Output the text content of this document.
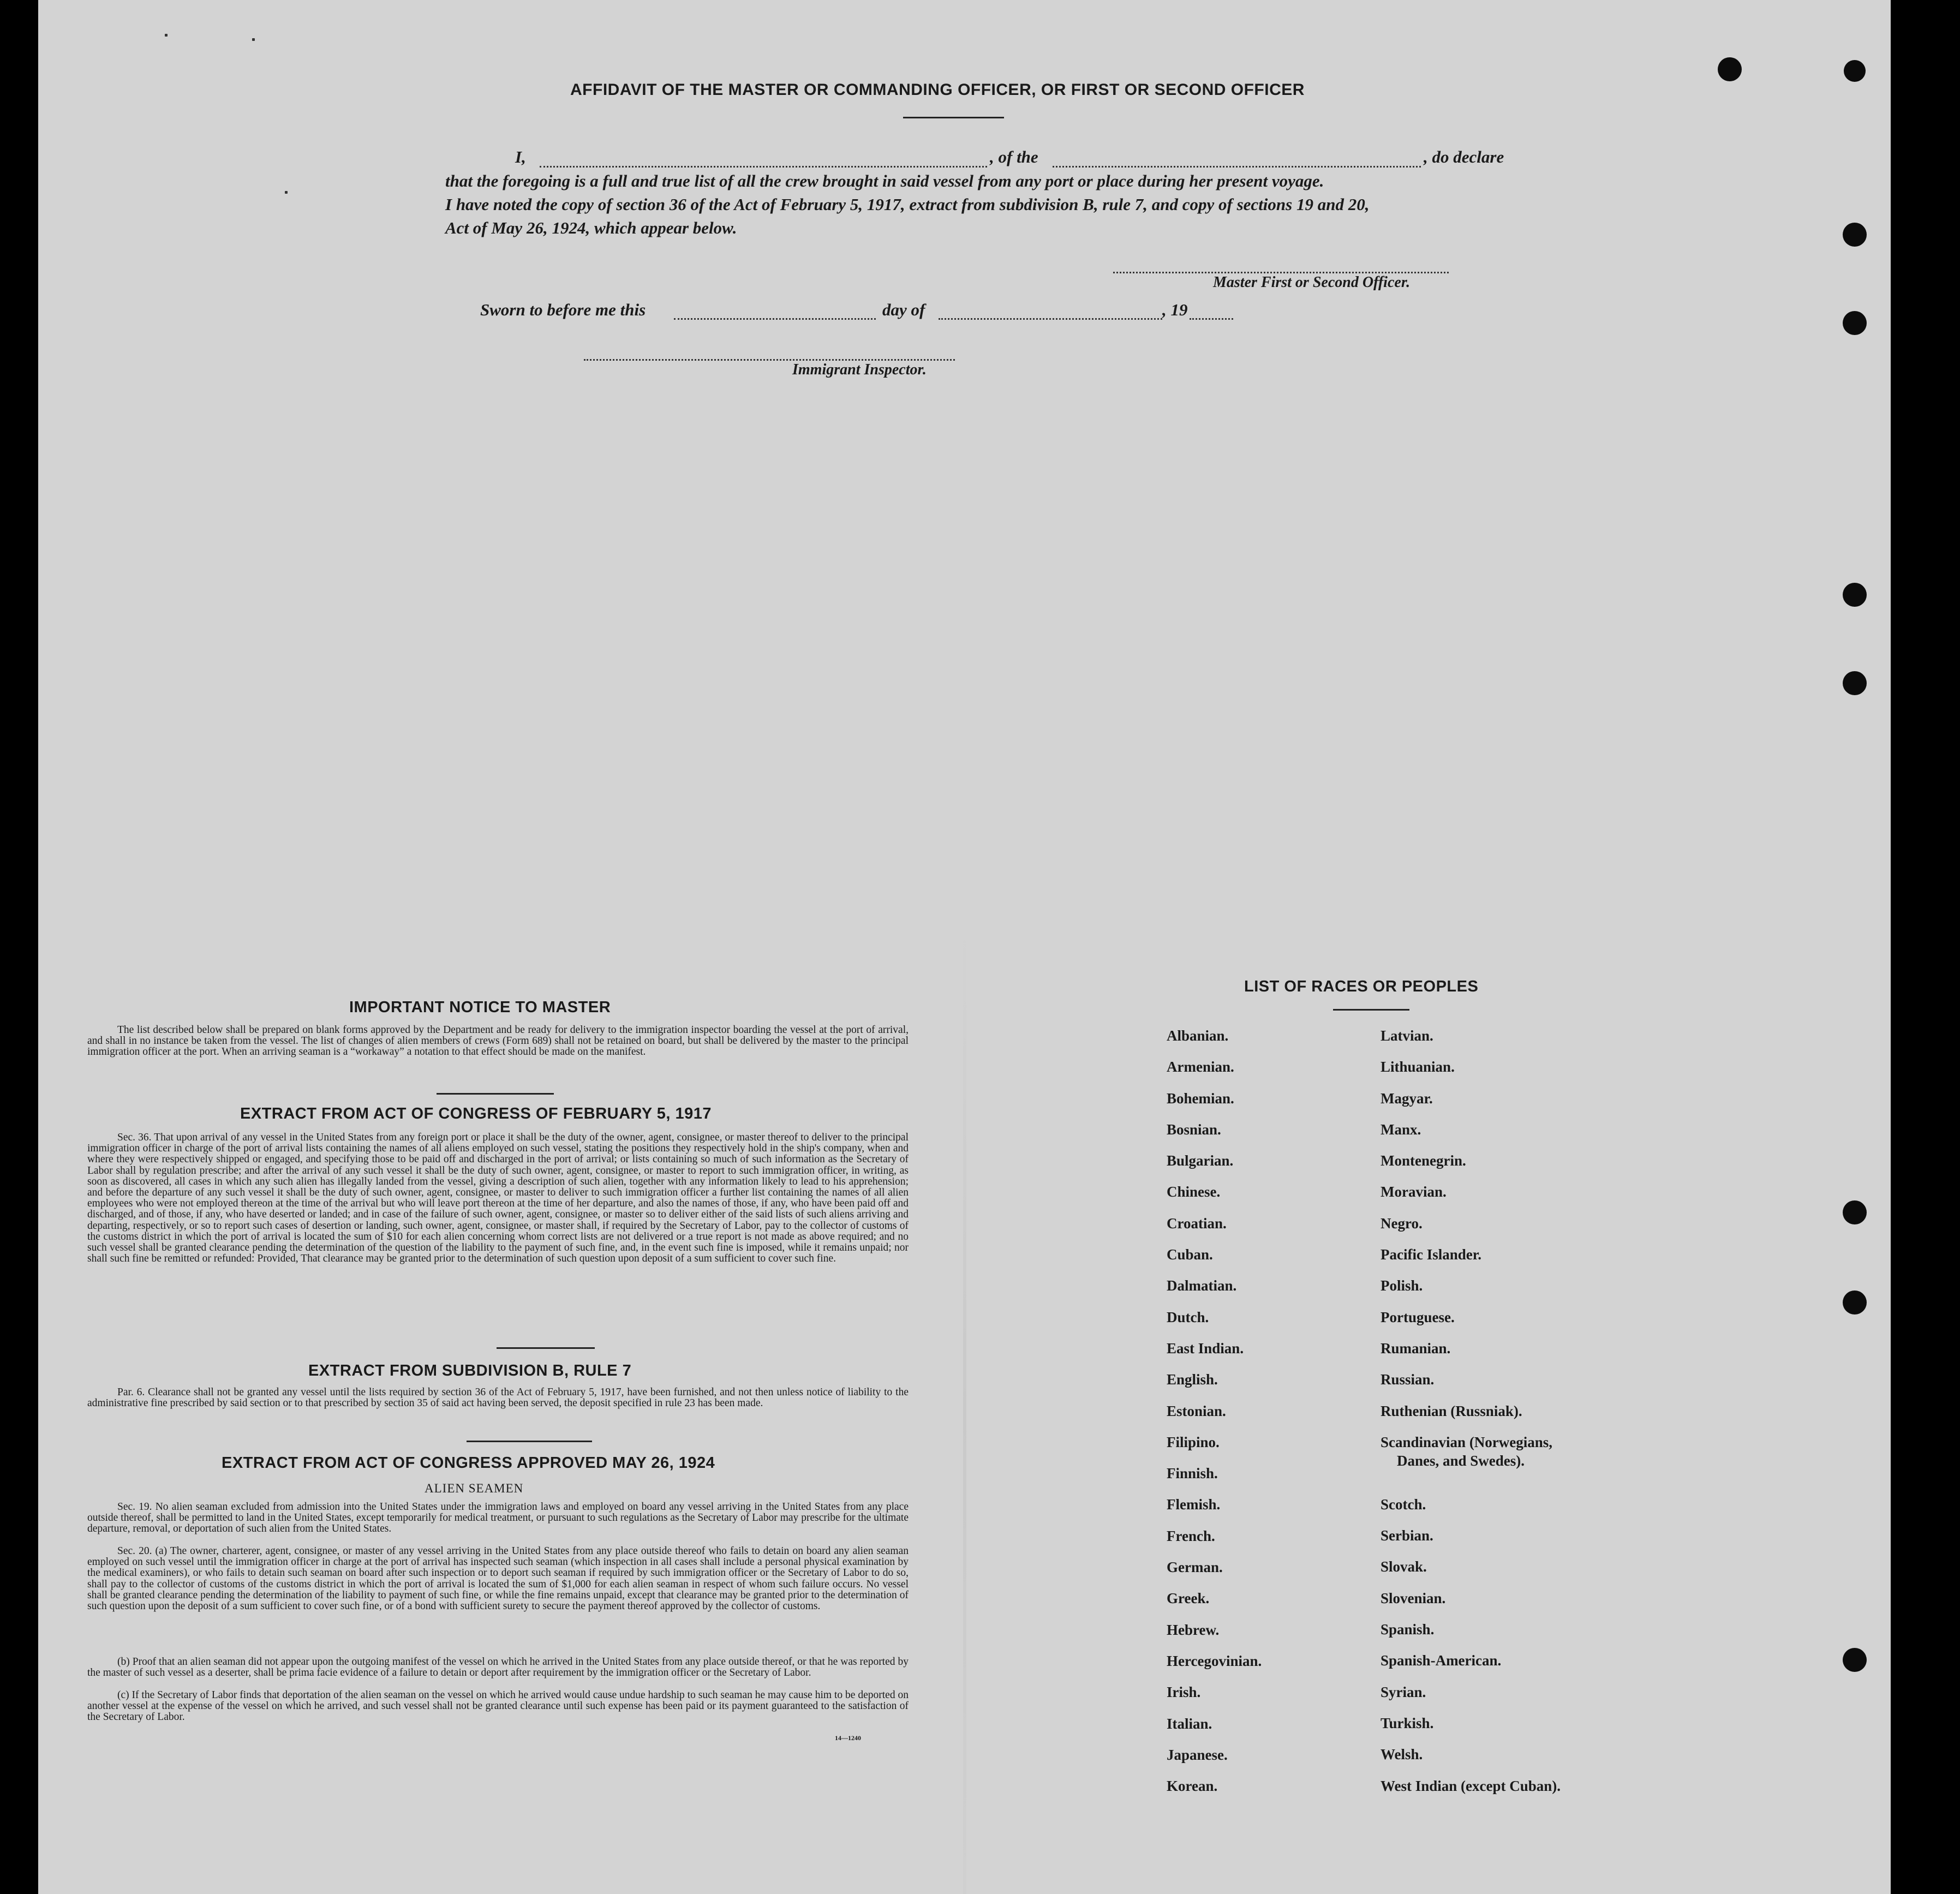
AFFIDAVIT OF THE MASTER OR COMMANDING OFFICER, OR FIRST OR SECOND OFFICER
I,	, of the	, do declare
that the foregoing is a full and true list of all the crew brought in said vessel from any port or place during her present voyage.
I have noted the copy of section 36 of the Act of February 5, 1917, extract from subdivision B, rule 7, and copy of sections 19 and 20,
Act of May 26, 1924, which appear below.
Master First or Second Officer.
Sworn to before me this	day of	, 19
Immigrant Inspector.
IMPORTANT NOTICE TO MASTER
The list described below shall be prepared on blank forms approved by the Department and be ready for delivery to the immigration inspector boarding the vessel at the port of arrival, and shall in no instance be taken from the vessel. The list of changes of alien members of crews (Form 689) shall not be retained on board, but shall be delivered by the master to the principal immigration officer at the port. When an arriving seaman is a “workaway” a notation to that effect should be made on the manifest.
EXTRACT FROM ACT OF CONGRESS OF FEBRUARY 5, 1917
Sec. 36. That upon arrival of any vessel in the United States from any foreign port or place it shall be the duty of the owner, agent, consignee, or master thereof to deliver to the principal immigration officer in charge of the port of arrival lists containing the names of all aliens employed on such vessel, stating the positions they respectively hold in the ship's company, when and where they were respectively shipped or engaged, and specifying those to be paid off and discharged in the port of arrival; or lists containing so much of such information as the Secretary of Labor shall by regulation prescribe; and after the arrival of any such vessel it shall be the duty of such owner, agent, consignee, or master to report to such immigration officer, in writing, as soon as discovered, all cases in which any such alien has illegally landed from the vessel, giving a description of such alien, together with any information likely to lead to his apprehension; and before the departure of any such vessel it shall be the duty of such owner, agent, consignee, or master to deliver to such immigration officer a further list containing the names of all alien employees who were not employed thereon at the time of the arrival but who will leave port thereon at the time of her departure, and also the names of those, if any, who have been paid off and discharged, and of those, if any, who have deserted or landed; and in case of the failure of such owner, agent, consignee, or master so to deliver either of the said lists of such aliens arriving and departing, respectively, or so to report such cases of desertion or landing, such owner, agent, consignee, or master shall, if required by the Secretary of Labor, pay to the collector of customs of the customs district in which the port of arrival is located the sum of $10 for each alien concerning whom correct lists are not delivered or a true report is not made as above required; and no such vessel shall be granted clearance pending the determination of the question of the liability to the payment of such fine, and, in the event such fine is imposed, while it remains unpaid; nor shall such fine be remitted or refunded: Provided, That clearance may be granted prior to the determination of such question upon deposit of a sum sufficient to cover such fine.
EXTRACT FROM SUBDIVISION B, RULE 7
Par. 6. Clearance shall not be granted any vessel until the lists required by section 36 of the Act of February 5, 1917, have been furnished, and not then unless notice of liability to the administrative fine prescribed by said section or to that prescribed by section 35 of said act having been served, the deposit specified in rule 23 has been made.
EXTRACT FROM ACT OF CONGRESS APPROVED MAY 26, 1924
ALIEN SEAMEN
Sec. 19. No alien seaman excluded from admission into the United States under the immigration laws and employed on board any vessel arriving in the United States from any place outside thereof, shall be permitted to land in the United States, except temporarily for medical treatment, or pursuant to such regulations as the Secretary of Labor may prescribe for the ultimate departure, removal, or deportation of such alien from the United States.
Sec. 20. (a) The owner, charterer, agent, consignee, or master of any vessel arriving in the United States from any place outside thereof who fails to detain on board any alien seaman employed on such vessel until the immigration officer in charge at the port of arrival has inspected such seaman (which inspection in all cases shall include a personal physical examination by the medical examiners), or who fails to detain such seaman on board after such inspection or to deport such seaman if required by such immigration officer or the Secretary of Labor to do so, shall pay to the collector of customs of the customs district in which the port of arrival is located the sum of $1,000 for each alien seaman in respect of whom such failure occurs. No vessel shall be granted clearance pending the determination of the liability to payment of such fine, or while the fine remains unpaid, except that clearance may be granted prior to the determination of such question upon the deposit of a sum sufficient to cover such fine, or of a bond with sufficient surety to secure the payment thereof approved by the collector of customs.
(b) Proof that an alien seaman did not appear upon the outgoing manifest of the vessel on which he arrived in the United States from any place outside thereof, or that he was reported by the master of such vessel as a deserter, shall be prima facie evidence of a failure to detain or deport after requirement by the immigration officer or the Secretary of Labor.
(c) If the Secretary of Labor finds that deportation of the alien seaman on the vessel on which he arrived would cause undue hardship to such seaman he may cause him to be deported on another vessel at the expense of the vessel on which he arrived, and such vessel shall not be granted clearance until such expense has been paid or its payment guaranteed to the satisfaction of the Secretary of Labor.
14—1240
LIST OF RACES OR PEOPLES
Albanian.
Armenian.
Bohemian.
Bosnian.
Bulgarian.
Chinese.
Croatian.
Cuban.
Dalmatian.
Dutch.
East Indian.
English.
Estonian.
Filipino.
Finnish.
Flemish.
French.
German.
Greek.
Hebrew.
Hercegovinian.
Irish.
Italian.
Japanese.
Korean.
Latvian.
Lithuanian.
Magyar.
Manx.
Montenegrin.
Moravian.
Negro.
Pacific Islander.
Polish.
Portuguese.
Rumanian.
Russian.
Ruthenian (Russniak).
Scandinavian (Norwegians,
Danes, and Swedes).
Scotch.
Serbian.
Slovak.
Slovenian.
Spanish.
Spanish-American.
Syrian.
Turkish.
Welsh.
West Indian (except Cuban).
